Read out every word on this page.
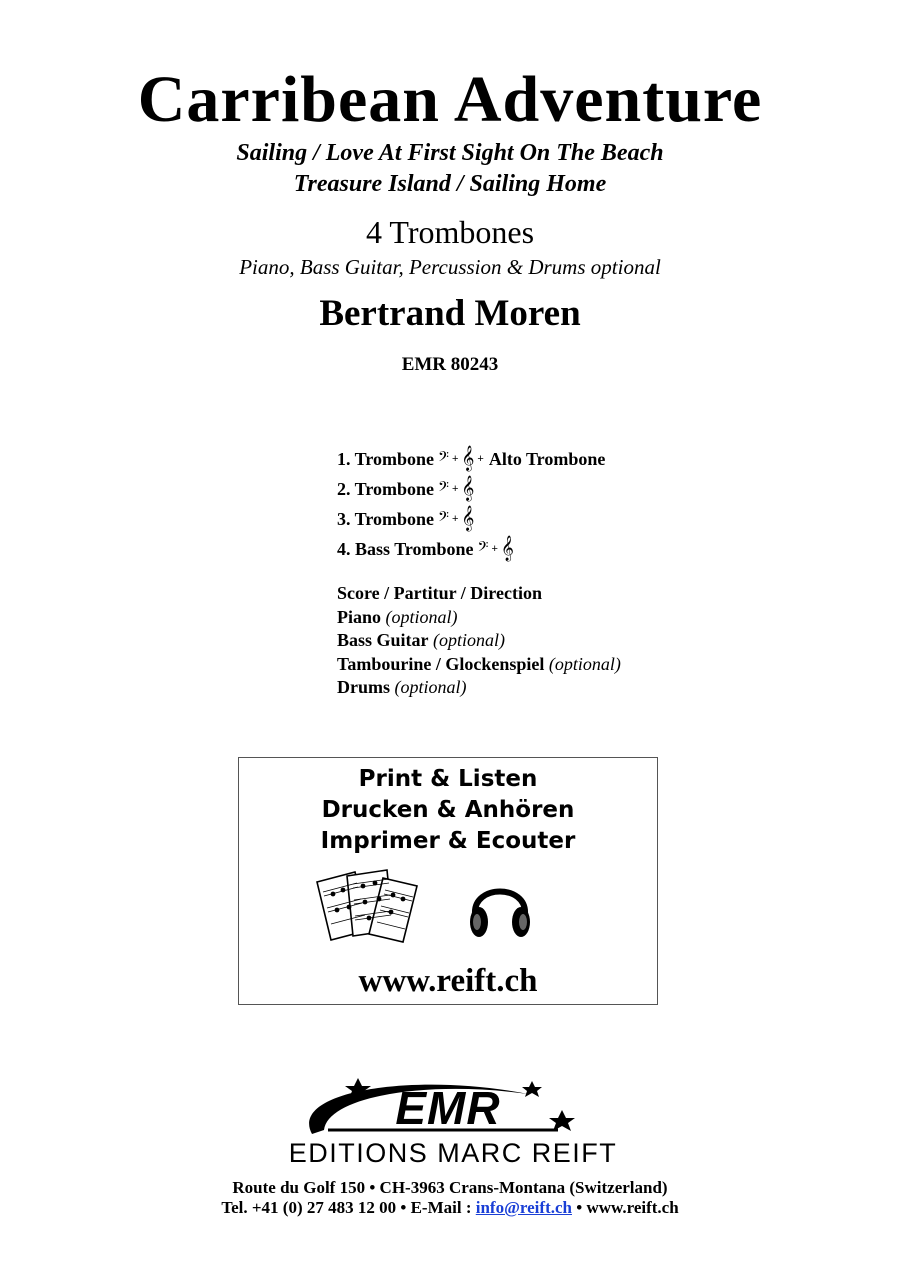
Carribean Adventure
Sailing / Love At First Sight On The Beach
Treasure Island / Sailing Home
4 Trombones
Piano, Bass Guitar, Percussion & Drums optional
Bertrand Moren
EMR 80243
1. Trombone 𝄢 + 𝄞 + Alto Trombone
2. Trombone 𝄢 + 𝄞
3. Trombone 𝄢 + 𝄞
4. Bass Trombone 𝄢 + 𝄞
Score / Partitur / Direction
Piano (optional)
Bass Guitar (optional)
Tambourine / Glockenspiel (optional)
Drums (optional)
Print & Listen
Drucken & Anhören
Imprimer & Ecouter
www.reift.ch
EMR
EDITIONS MARC REIFT
Route du Golf 150 • CH-3963 Crans-Montana (Switzerland)
Tel. +41 (0) 27 483 12 00 • E-Mail : info@reift.ch • www.reift.ch
